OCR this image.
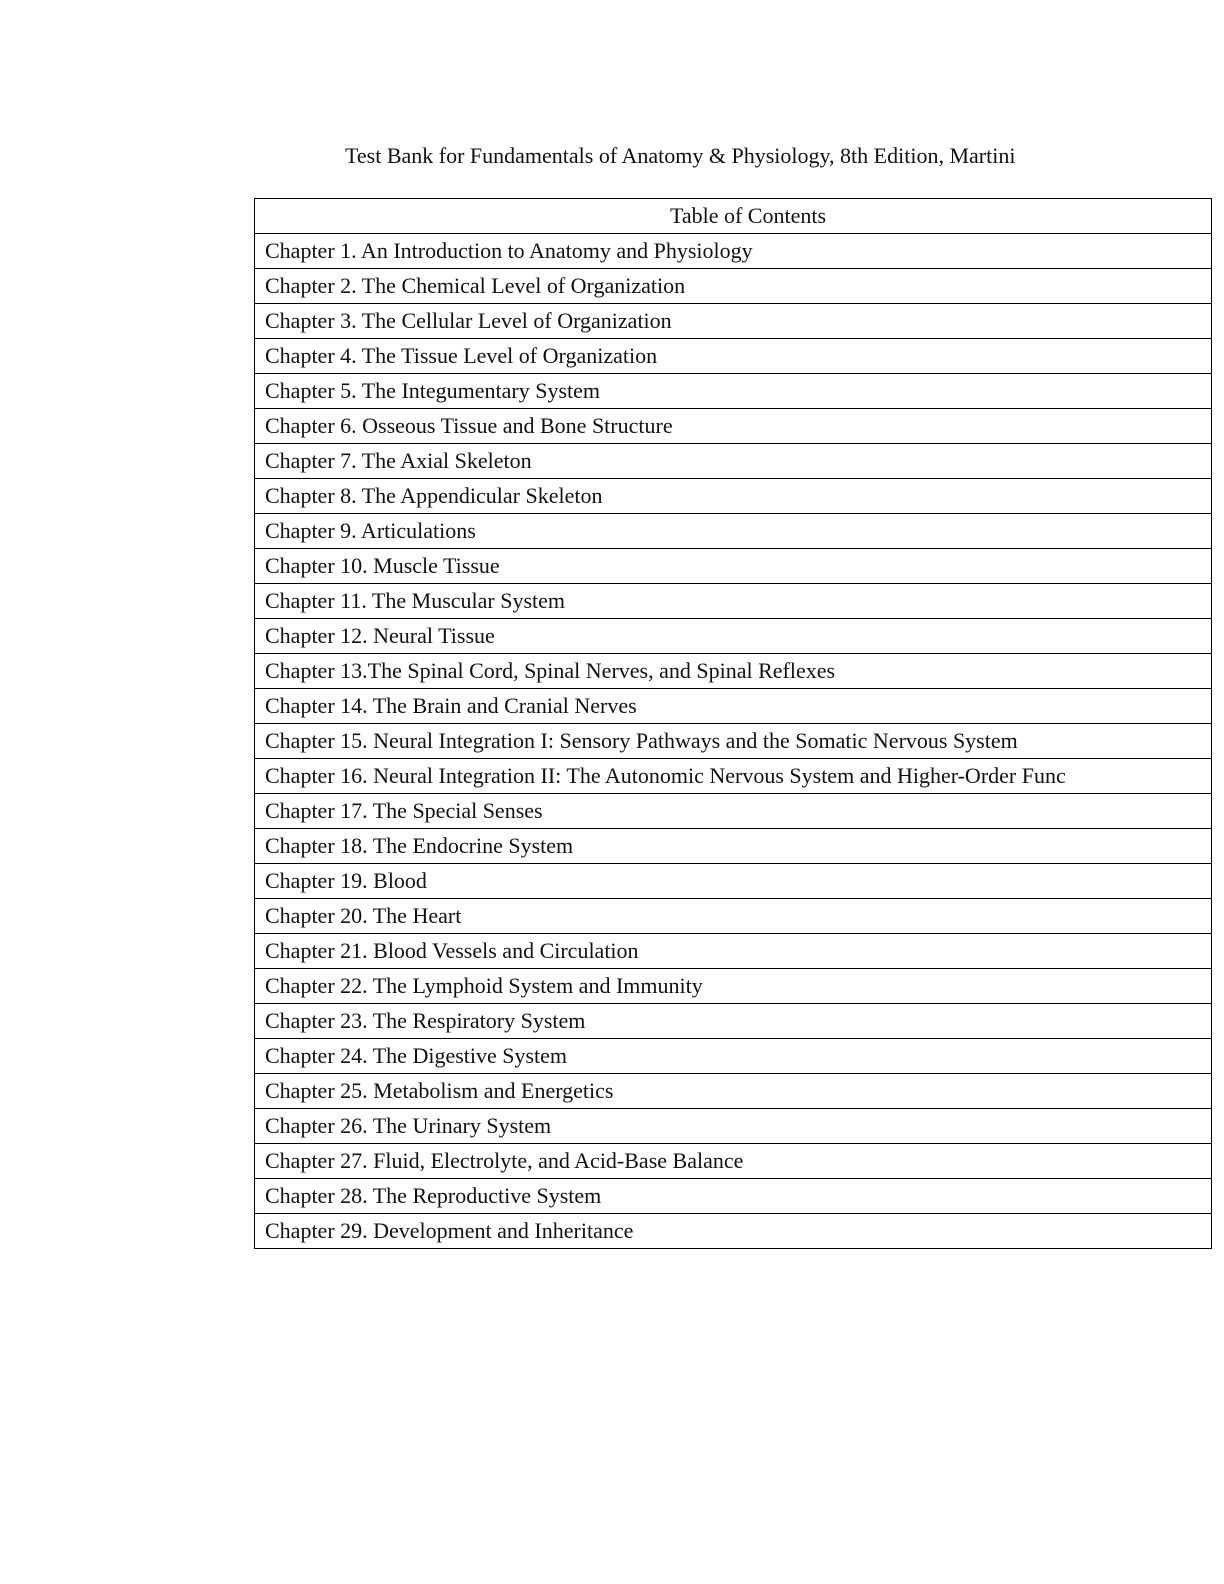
Test Bank for Fundamentals of Anatomy & Physiology, 8th Edition, Martini
Table of Contents
Chapter 1. An Introduction to Anatomy and Physiology
Chapter 2. The Chemical Level of Organization
Chapter 3. The Cellular Level of Organization
Chapter 4. The Tissue Level of Organization
Chapter 5. The Integumentary System
Chapter 6. Osseous Tissue and Bone Structure
Chapter 7. The Axial Skeleton
Chapter 8. The Appendicular Skeleton
Chapter 9. Articulations
Chapter 10. Muscle Tissue
Chapter 11. The Muscular System
Chapter 12. Neural Tissue
Chapter 13.The Spinal Cord, Spinal Nerves, and Spinal Reflexes
Chapter 14. The Brain and Cranial Nerves
Chapter 15. Neural Integration I: Sensory Pathways and the Somatic Nervous System
Chapter 16. Neural Integration II: The Autonomic Nervous System and Higher-Order Func
Chapter 17. The Special Senses
Chapter 18. The Endocrine System
Chapter 19. Blood
Chapter 20. The Heart
Chapter 21. Blood Vessels and Circulation
Chapter 22. The Lymphoid System and Immunity
Chapter 23. The Respiratory System
Chapter 24. The Digestive System
Chapter 25. Metabolism and Energetics
Chapter 26. The Urinary System
Chapter 27. Fluid, Electrolyte, and Acid-Base Balance
Chapter 28. The Reproductive System
Chapter 29. Development and Inheritance
